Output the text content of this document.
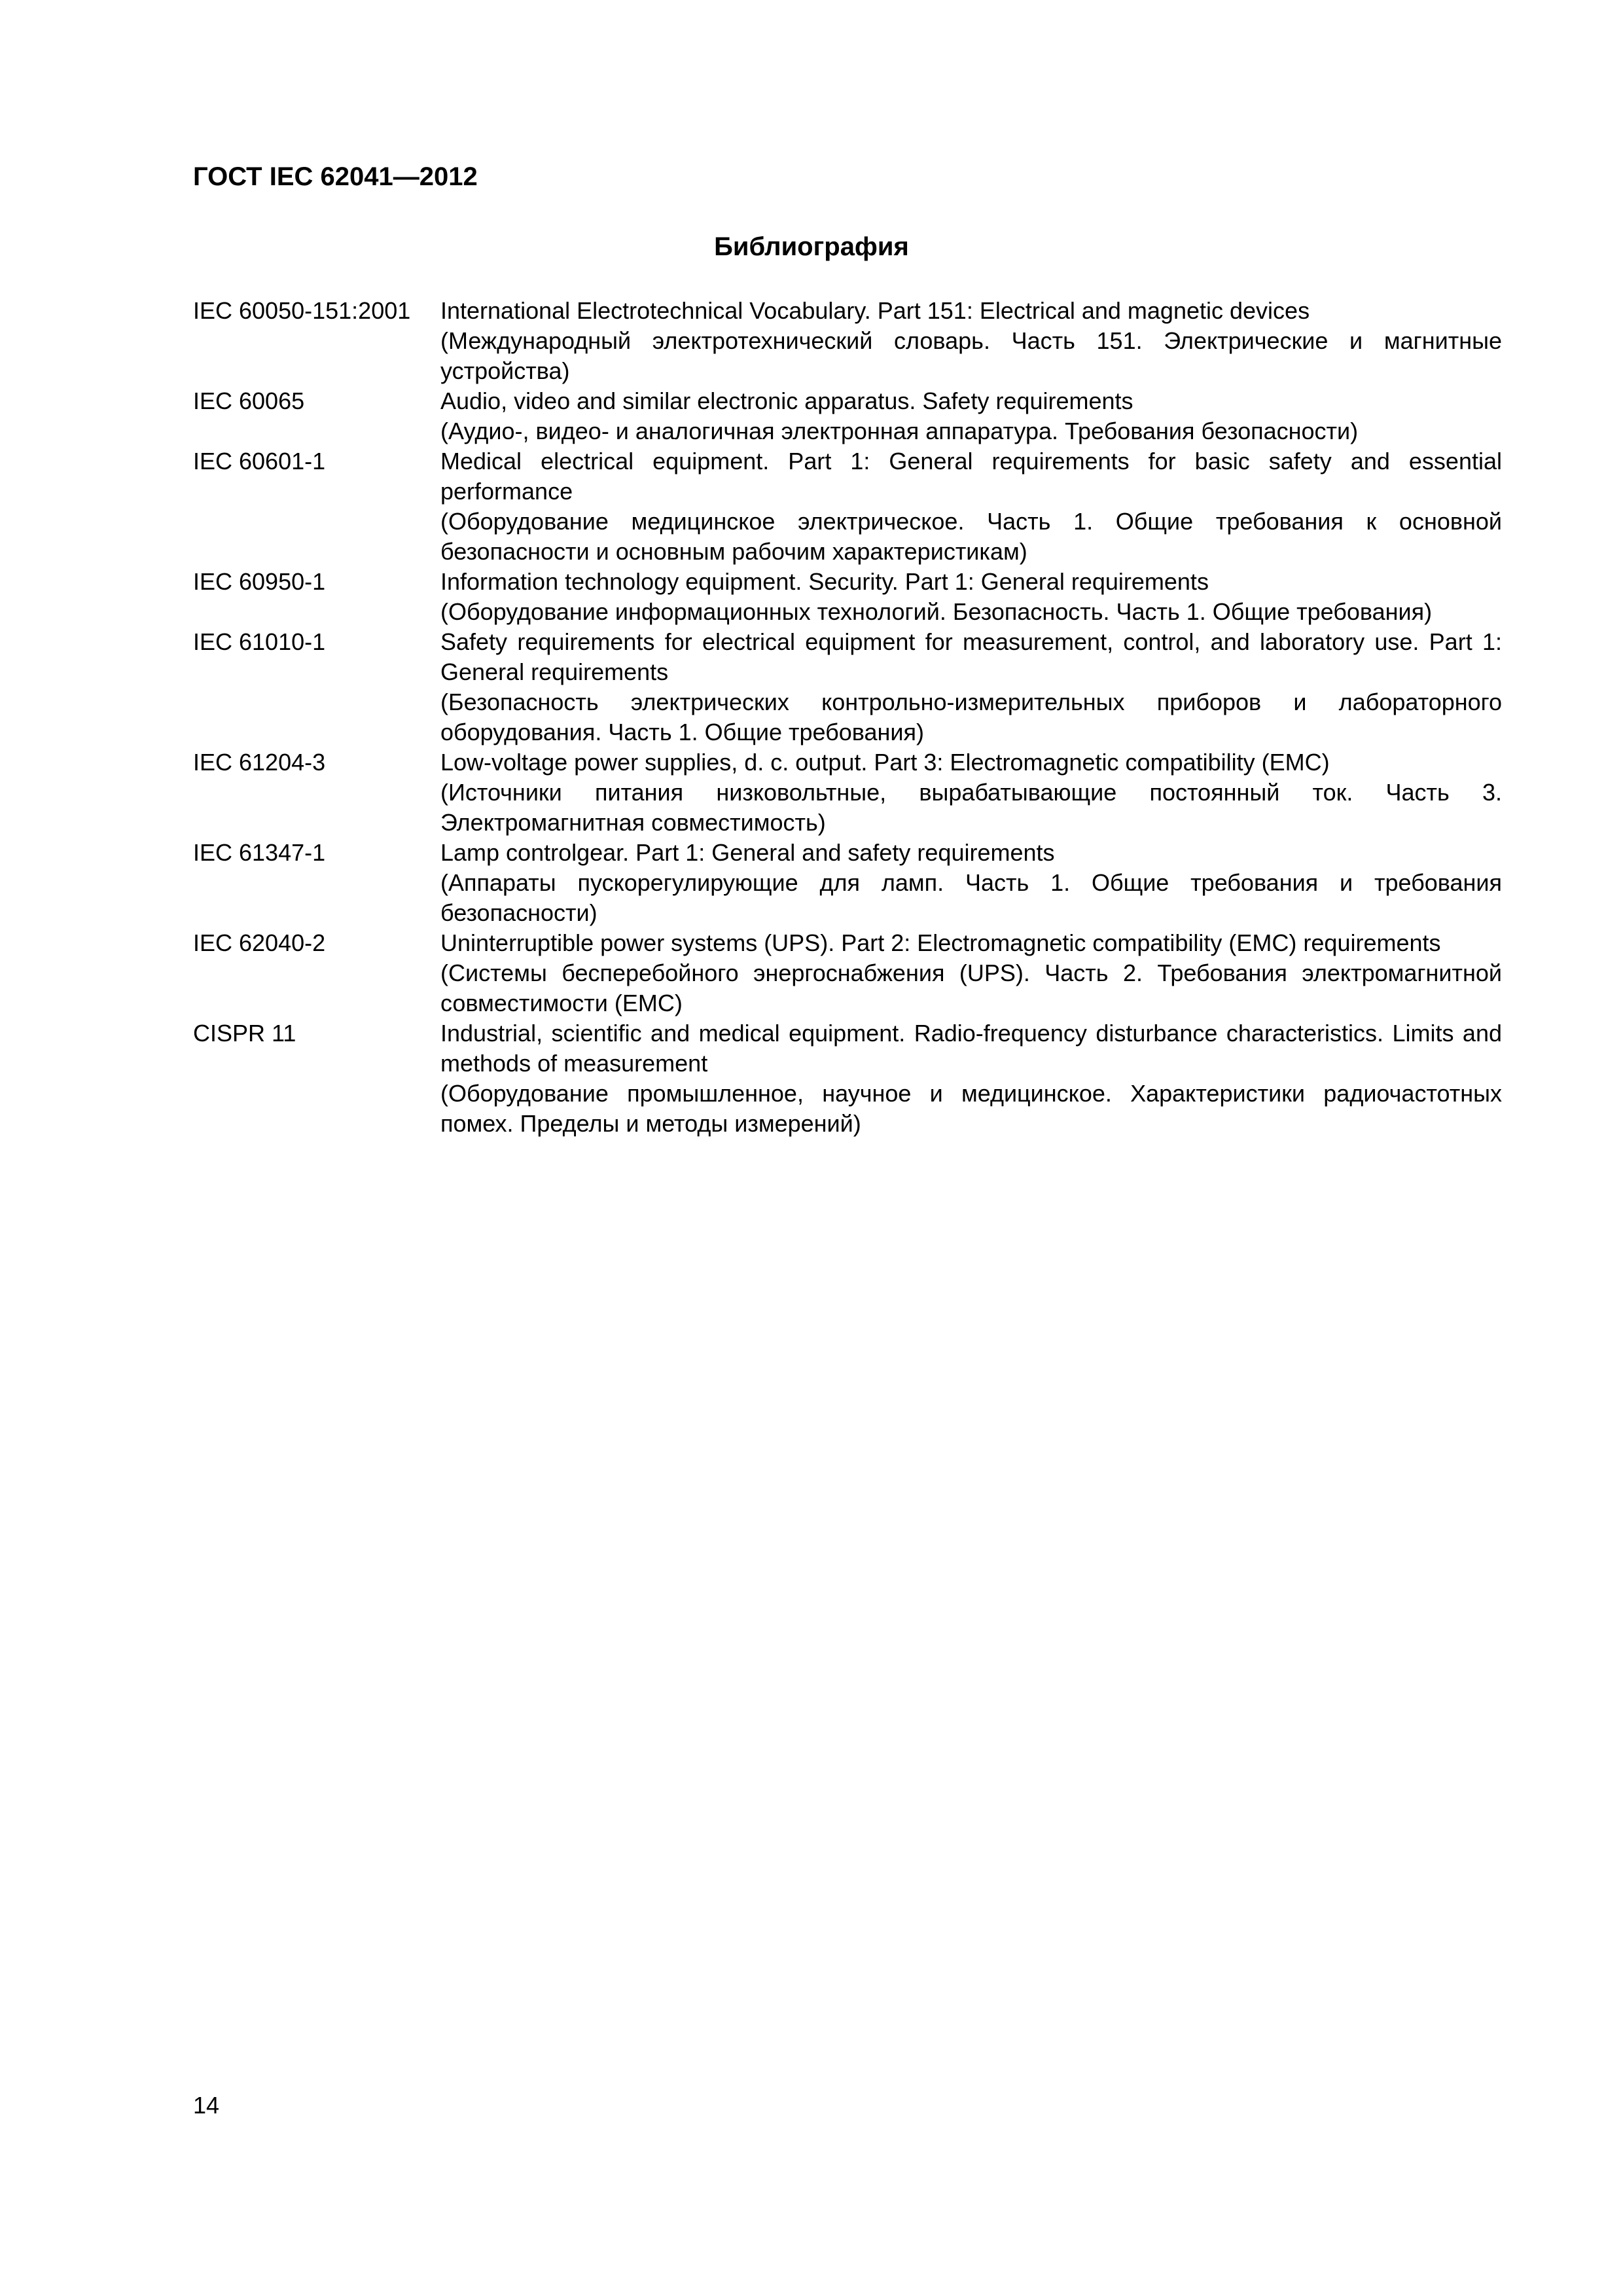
ГОСТ IEC 62041—2012
Библиография
IEC 60050-151:2001	International Electrotechnical Vocabulary. Part 151: Electrical and magnetic devices
(Международный электротехнический словарь. Часть 151. Электрические и магнитные устройства)
IEC 60065	Audio, video and similar electronic apparatus. Safety requirements
(Аудио-, видео- и аналогичная электронная аппаратура. Требования безопасности)
IEC 60601-1	Medical electrical equipment. Part 1: General requirements for basic safety and essential performance
(Оборудование медицинское электрическое. Часть 1. Общие требования к основной безопасности и основным рабочим характеристикам)
IEC 60950-1	Information technology equipment. Security. Part 1: General requirements
(Оборудование информационных технологий. Безопасность. Часть 1. Общие требования)
IEC 61010-1	Safety requirements for electrical equipment for measurement, control, and laboratory use. Part 1: General requirements
(Безопасность электрических контрольно-измерительных приборов и лабораторного оборудования. Часть 1. Общие требования)
IEC 61204-3	Low-voltage power supplies, d. c. output. Part 3: Electromagnetic compatibility (EMC)
(Источники питания низковольтные, вырабатывающие постоянный ток. Часть 3. Электромагнитная совместимость)
IEC 61347-1	Lamp controlgear. Part 1: General and safety requirements
(Аппараты пускорегулирующие для ламп. Часть 1. Общие требования и требования безопасности)
IEC 62040-2	Uninterruptible power systems (UPS). Part 2: Electromagnetic compatibility (EMC) requirements
(Системы бесперебойного энергоснабжения (UPS). Часть 2. Требования электромагнитной совместимости (EMC)
CISPR 11	Industrial, scientific and medical equipment. Radio-frequency disturbance characteristics. Limits and methods of measurement
(Оборудование промышленное, научное и медицинское. Характеристики радиочастотных помех. Пределы и методы измерений)
14
